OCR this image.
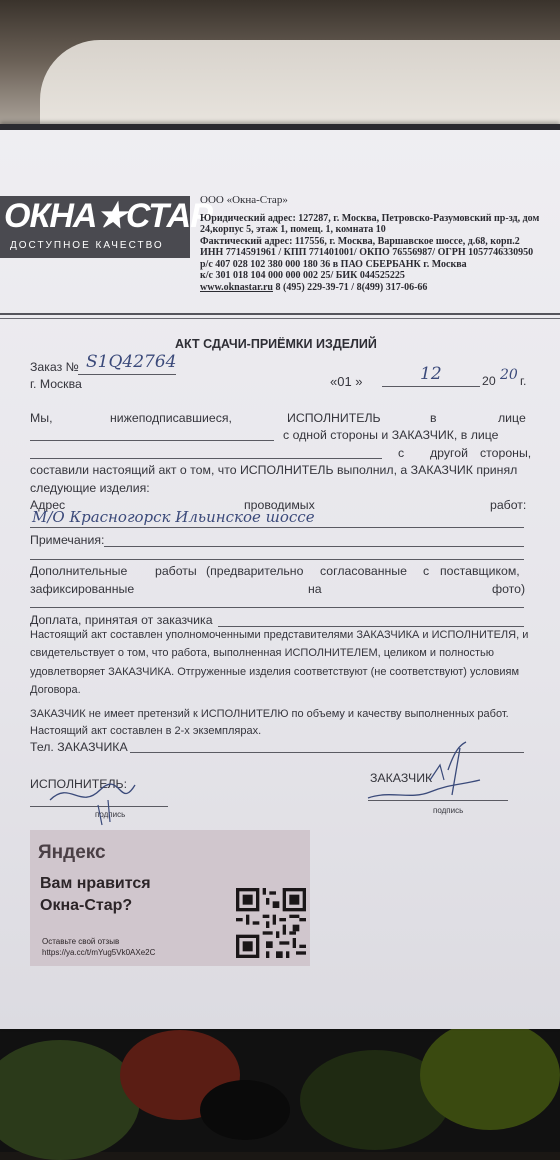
ОКНА★СТАР
ДОСТУПНОЕ КАЧЕСТВО
ООО «Окна-Стар»
Юридический адрес: 127287, г. Москва, Петровско-Разумовский пр-зд, дом
24,корпус 5, этаж 1, помещ. 1, комната 10
Фактический адрес: 117556, г. Москва, Варшавское шоссе, д.68, корп.2
ИНН 7714591961 / КПП 771401001/ ОКПО 76556987/ ОГРН 1057746330950
р/с 407 028 102 380 000 180 36 в ПАО СБЕРБАНК г. Москва
к/с 301 018 104 000 000 002 25/ БИК 044525225
www.oknastar.ru 8 (495) 229-39-71 / 8(499) 317-06-66
АКТ СДАЧИ-ПРИЁМКИ ИЗДЕЛИЙ
Заказ № S1Q42764
г. Москва	«01 »	12	20 20 г.
Мы,	нижеподписавшиеся,	ИСПОЛНИТЕЛЬ	в	лице
с одной стороны и ЗАКАЗЧИК, в лице
с другой стороны,
составили настоящий акт о том, что ИСПОЛНИТЕЛЬ выполнил, а ЗАКАЗЧИК принял
следующие изделия:
Адрес	проводимых	работ:
М/О Красногорск Ильинское шоссе
Примечания:
Дополнительные работы (предварительно согласованные с поставщиком,
зафиксированные	на	фото)
Доплата, принятая от заказчика
Настоящий акт составлен уполномоченными представителями ЗАКАЗЧИКА и ИСПОЛНИТЕЛЯ, и
свидетельствует о том, что работа, выполненная ИСПОЛНИТЕЛЕМ, целиком и полностью
удовлетворяет ЗАКАЗЧИКА. Отгруженные изделия соответствуют (не соответствуют) условиям
Договора.
ЗАКАЗЧИК не имеет претензий к ИСПОЛНИТЕЛЮ по объему и качеству выполненных работ.
Настоящий акт составлен в 2-х экземплярах.
Тел. ЗАКАЗЧИКА
ИСПОЛНИТЕЛЬ:
подпись
ЗАКАЗЧИК
подпись
Яндекс
Вам нравится
Окна-Стар?
Оставьте свой отзыв
https://ya.cc/t/mYug5Vk0AXe2C
